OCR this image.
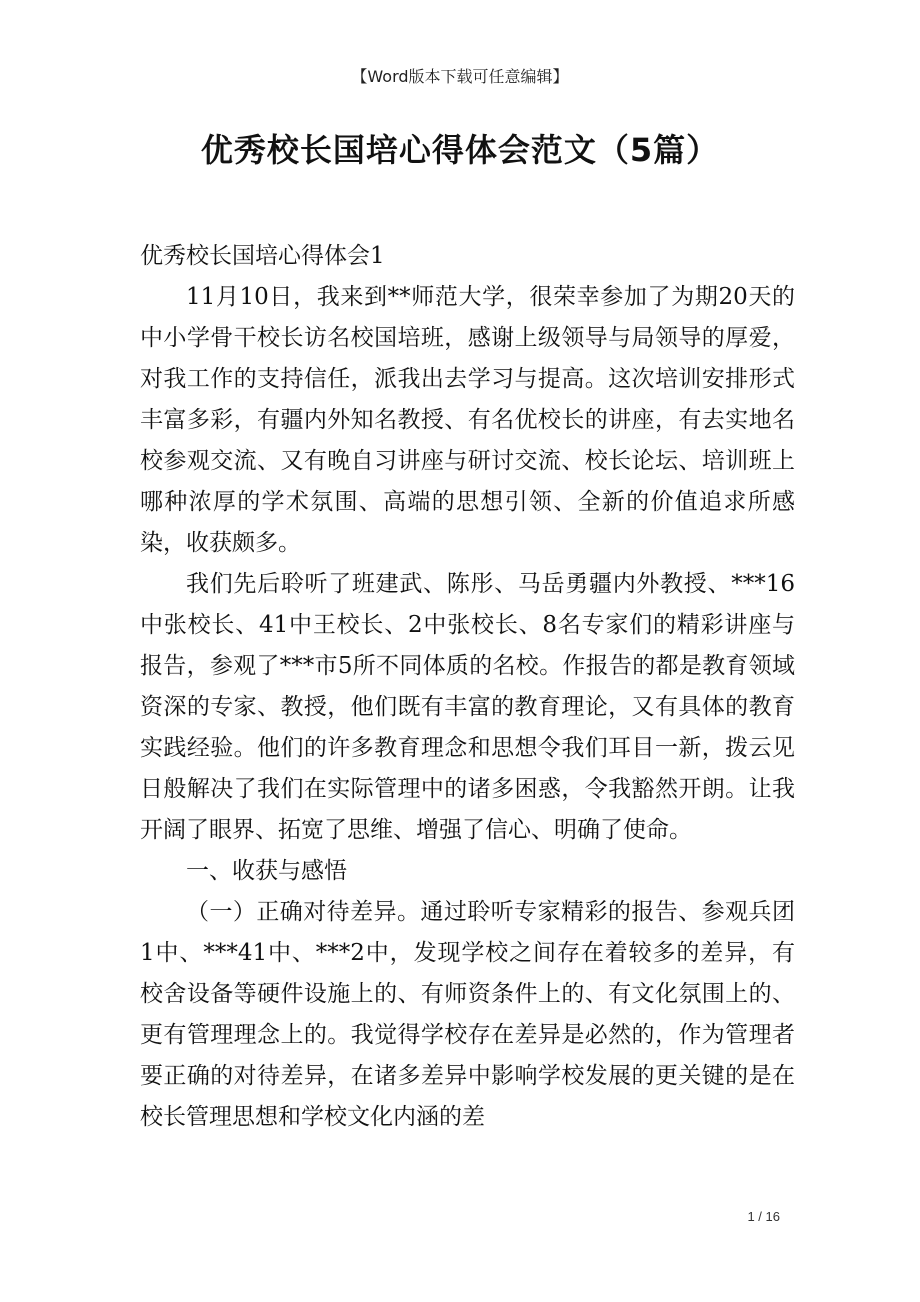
【Word版本下载可任意编辑】
优秀校长国培心得体会范文（5篇）

优秀校长国培心得体会1

11月10日，我来到**师范大学，很荣幸参加了为期20天的中小学骨干校长访名校国培班，感谢上级领导与局领导的厚爱，对我工作的支持信任，派我出去学习与提高。这次培训安排形式丰富多彩，有疆内外知名教授、有名优校长的讲座，有去实地名校参观交流、又有晚自习讲座与研讨交流、校长论坛、培训班上哪种浓厚的学术氛围、高端的思想引领、全新的价值追求所感染，收获颇多。

我们先后聆听了班建武、陈彤、马岳勇疆内外教授、***16中张校长、41中王校长、2中张校长、8名专家们的精彩讲座与报告，参观了***市5所不同体质的名校。作报告的都是教育领域资深的专家、教授，他们既有丰富的教育理论，又有具体的教育实践经验。他们的许多教育理念和思想令我们耳目一新，拨云见日般解决了我们在实际管理中的诸多困惑，令我豁然开朗。让我开阔了眼界、拓宽了思维、增强了信心、明确了使命。

一、收获与感悟

（一）正确对待差异。通过聆听专家精彩的报告、参观兵团1中、***41中、***2中，发现学校之间存在着较多的差异，有校舍设备等硬件设施上的、有师资条件上的、有文化氛围上的、更有管理理念上的。我觉得学校存在差异是必然的，作为管理者要正确的对待差异，在诸多差异中影响学校发展的更关键的是在校长管理思想和学校文化内涵的差

1 / 16
